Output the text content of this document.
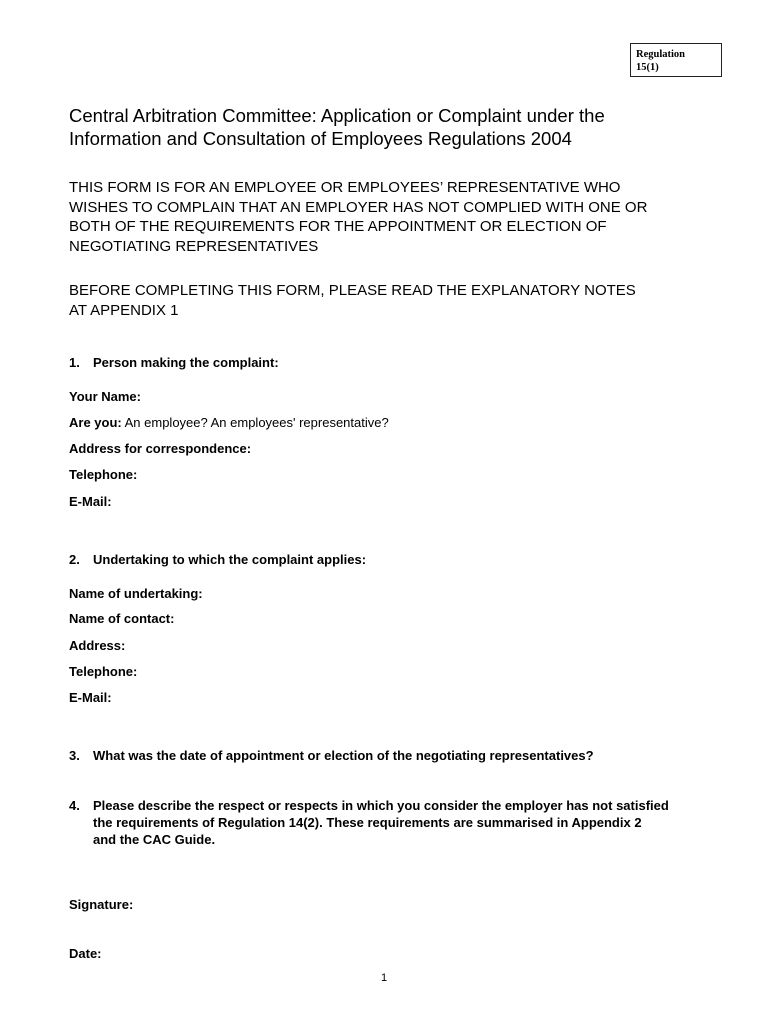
Regulation
15(1)
Central Arbitration Committee: Application or Complaint under the
Information and Consultation of Employees Regulations 2004
THIS FORM IS FOR AN EMPLOYEE OR EMPLOYEES’ REPRESENTATIVE WHO
WISHES TO COMPLAIN THAT AN EMPLOYER HAS NOT COMPLIED WITH ONE OR
BOTH OF THE REQUIREMENTS FOR THE APPOINTMENT OR ELECTION OF
NEGOTIATING REPRESENTATIVES
BEFORE COMPLETING THIS FORM, PLEASE READ THE EXPLANATORY NOTES
AT APPENDIX 1
1. Person making the complaint:
Your Name:
Are you: An employee? An employees' representative?
Address for correspondence:
Telephone:
E-Mail:
2. Undertaking to which the complaint applies:
Name of undertaking:
Name of contact:
Address:
Telephone:
E-Mail:
3. What was the date of appointment or election of the negotiating representatives?
4. Please describe the respect or respects in which you consider the employer has not satisfied
the requirements of Regulation 14(2). These requirements are summarised in Appendix 2
and the CAC Guide.
Signature:
Date:
1
